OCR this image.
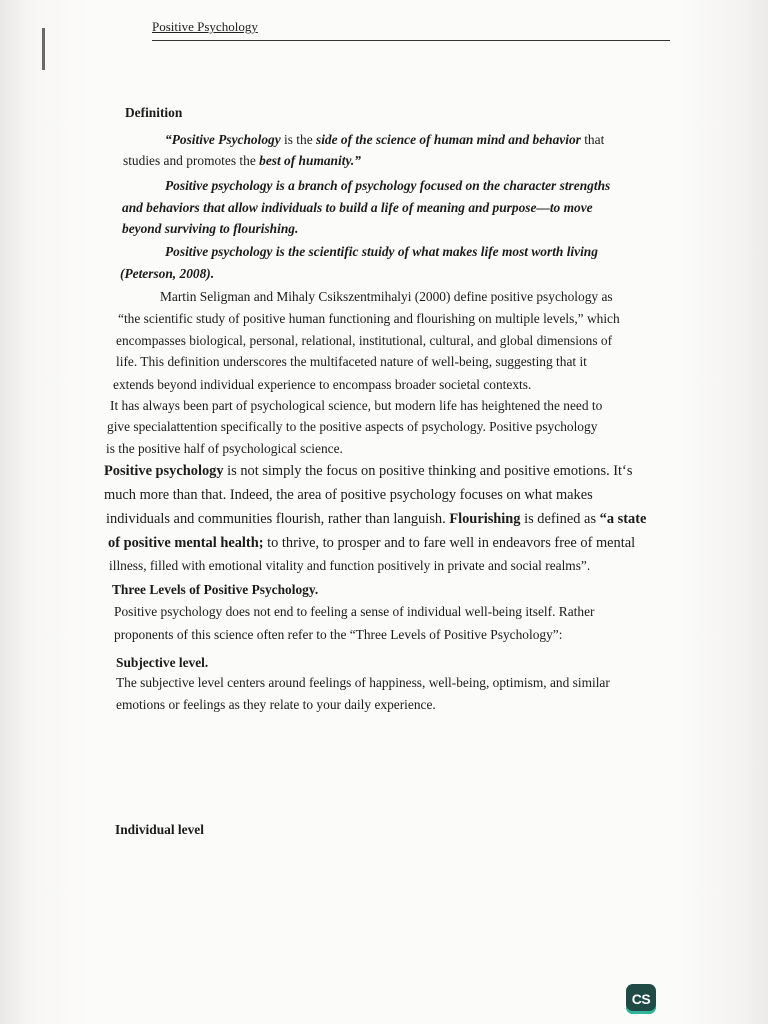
Positive Psychology
Definition
“Positive Psychology is the side of the science of human mind and behavior that
studies and promotes the best of humanity.”
Positive psychology is a branch of psychology focused on the character strengths
and behaviors that allow individuals to build a life of meaning and purpose—to move
beyond surviving to flourishing.
Positive psychology is the scientific stuidy of what makes life most worth living
(Peterson, 2008).
Martin Seligman and Mihaly Csikszentmihalyi (2000) define positive psychology as
“the scientific study of positive human functioning and flourishing on multiple levels,” which
encompasses biological, personal, relational, institutional, cultural, and global dimensions of
life. This definition underscores the multifaceted nature of well-being, suggesting that it
extends beyond individual experience to encompass broader societal contexts.
It has always been part of psychological science, but modern life has heightened the need to
give specialattention specifically to the positive aspects of psychology. Positive psychology
is the positive half of psychological science.
Positive psychology is not simply the focus on positive thinking and positive emotions. It‘s
much more than that. Indeed, the area of positive psychology focuses on what makes
individuals and communities flourish, rather than languish. Flourishing is defined as “a state
of positive mental health; to thrive, to prosper and to fare well in endeavors free of mental
illness, filled with emotional vitality and function positively in private and social realms”.
Three Levels of Positive Psychology.
Positive psychology does not end to feeling a sense of individual well-being itself. Rather
proponents of this science often refer to the “Three Levels of Positive Psychology”:
Subjective level.
The subjective level centers around feelings of happiness, well-being, optimism, and similar
emotions or feelings as they relate to your daily experience.
Individual level
CS
